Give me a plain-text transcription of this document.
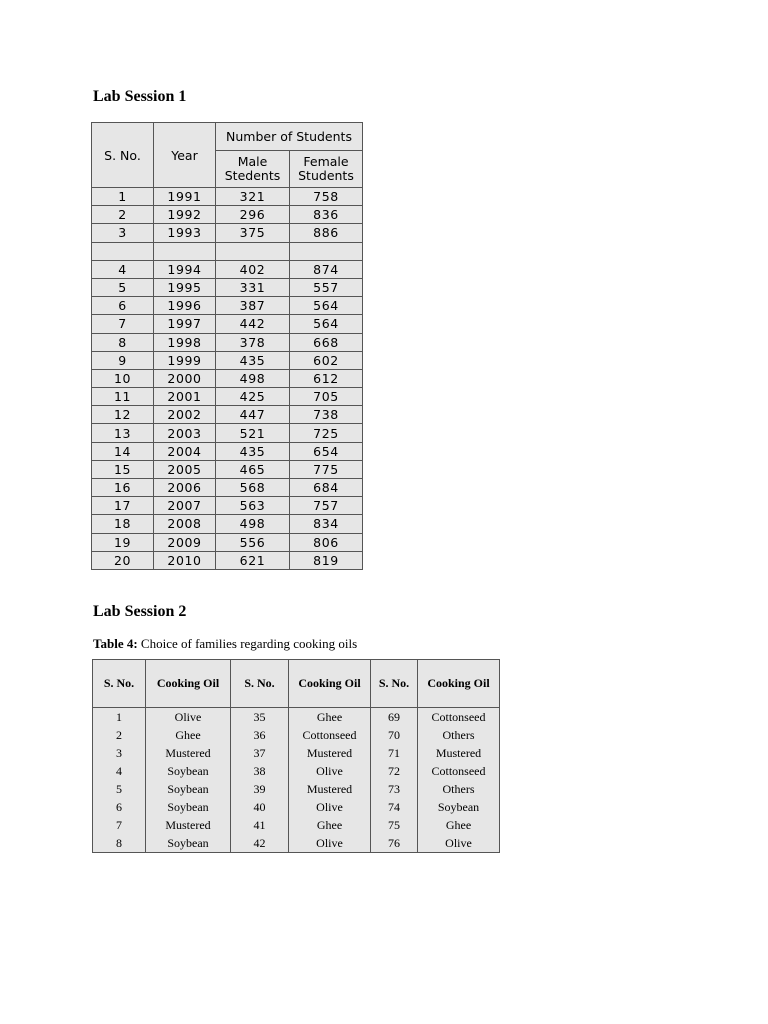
Lab Session 1
S. No.	Year	Number of Students	
		Male Stedents	Female Students
1	1991	321	758
2	1992	296	836
3	1993	375	886

4	1994	402	874
5	1995	331	557
6	1996	387	564
7	1997	442	564
8	1998	378	668
9	1999	435	602
10	2000	498	612
11	2001	425	705
12	2002	447	738
13	2003	521	725
14	2004	435	654
15	2005	465	775
16	2006	568	684
17	2007	563	757
18	2008	498	834
19	2009	556	806
20	2010	621	819
Lab Session 2

Table 4: Choice of families regarding cooking oils

S. No.	Cooking Oil	S. No.	Cooking Oil	S. No.	Cooking Oil
1	Olive	35	Ghee	69	Cottonseed
2	Ghee	36	Cottonseed	70	Others
3	Mustered	37	Mustered	71	Mustered
4	Soybean	38	Olive	72	Cottonseed
5	Soybean	39	Mustered	73	Others
6	Soybean	40	Olive	74	Soybean
7	Mustered	41	Ghee	75	Ghee
8	Soybean	42	Olive	76	Olive
